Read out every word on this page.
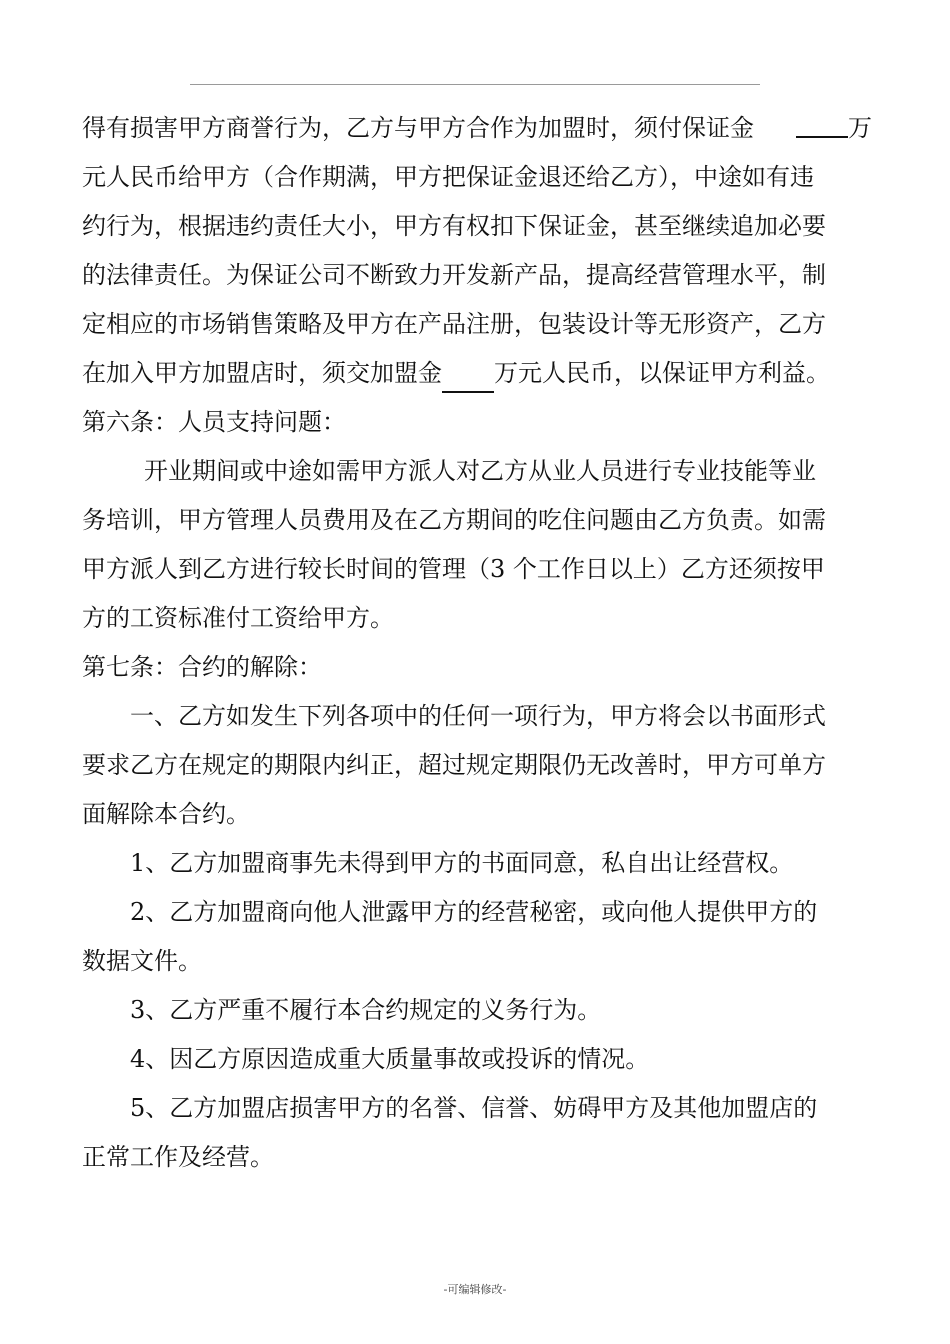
得有损害甲方商誉行为，乙方与甲方合作为加盟时，须付保证金	万
元人民币给甲方（合作期满，甲方把保证金退还给乙方），中途如有违
约行为，根据违约责任大小，甲方有权扣下保证金，甚至继续追加必要
的法律责任。为保证公司不断致力开发新产品，提高经营管理水平，制
定相应的市场销售策略及甲方在产品注册，包装设计等无形资产，乙方
在加入甲方加盟店时，须交加盟金 万元人民币，以保证甲方利益。
第六条：人员支持问题：
开业期间或中途如需甲方派人对乙方从业人员进行专业技能等业
务培训，甲方管理人员费用及在乙方期间的吃住问题由乙方负责。如需
甲方派人到乙方进行较长时间的管理（3 个工作日以上）乙方还须按甲
方的工资标准付工资给甲方。
第七条：合约的解除：
一、乙方如发生下列各项中的任何一项行为，甲方将会以书面形式
要求乙方在规定的期限内纠正，超过规定期限仍无改善时，甲方可单方
面解除本合约。
1、乙方加盟商事先未得到甲方的书面同意，私自出让经营权。
2、乙方加盟商向他人泄露甲方的经营秘密，或向他人提供甲方的
数据文件。
3、乙方严重不履行本合约规定的义务行为。
4、因乙方原因造成重大质量事故或投诉的情况。
5、乙方加盟店损害甲方的名誉、信誉、妨碍甲方及其他加盟店的
正常工作及经营。
-可编辑修改-
